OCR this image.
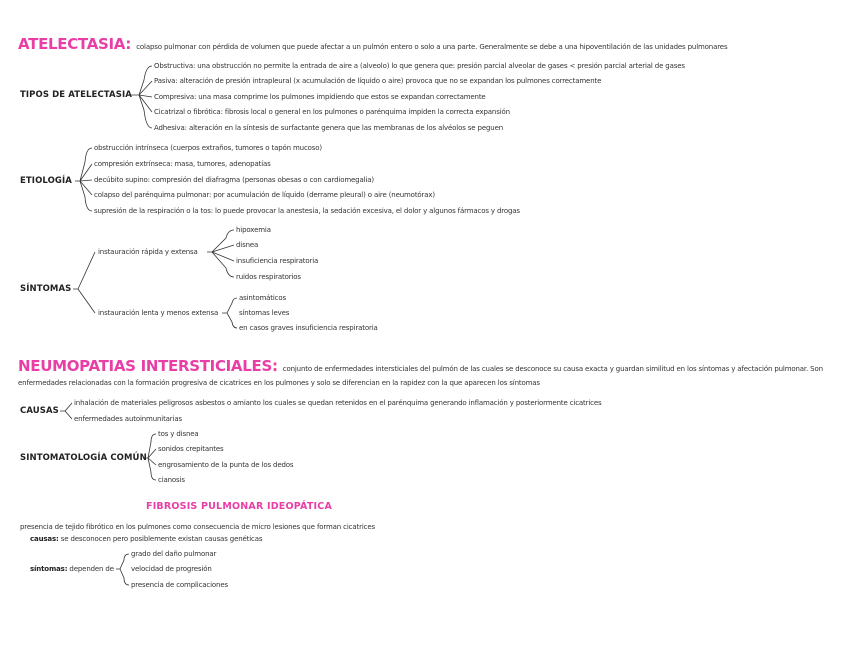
ATELECTASIA: colapso pulmonar con pérdida de volumen que puede afectar a un pulmón entero o solo a una parte. Generalmente se debe a una hipoventilación de las unidades pulmonares
TIPOS DE ATELECTASIA
Obstructiva: una obstrucción no permite la entrada de aire a (alveolo) lo que genera que: presión parcial alveolar de gases < presión parcial arterial de gases
Pasiva: alteración de presión intrapleural (x acumulación de líquido o aire) provoca que no se expandan los pulmones correctamente
Compresiva: una masa comprime los pulmones impidiendo que estos se expandan correctamente
Cicatrizal o fibrótica: fibrosis local o general en los pulmones o parénquima impiden la correcta expansión
Adhesiva: alteración en la síntesis de surfactante genera que las membranas de los alvéolos se peguen
ETIOLOGÍA
obstrucción intrínseca (cuerpos extraños, tumores o tapón mucoso)
compresión extrínseca: masa, tumores, adenopatías
decúbito supino: compresión del diafragma (personas obesas o con cardiomegalia)
colapso del parénquima pulmonar: por acumulación de líquido (derrame pleural) o aire (neumotórax)
supresión de la respiración o la tos: lo puede provocar la anestesia, la sedación excesiva, el dolor y algunos fármacos y drogas
SÍNTOMAS
instauración rápida y extensa
hipoxemia
disnea
insuficiencia respiratoria
ruidos respiratorios
instauración lenta y menos extensa
asintomáticos
síntomas leves
en casos graves insuficiencia respiratoria
NEUMOPATIAS INTERSTICIALES: conjunto de enfermedades intersticiales del pulmón de las cuales se desconoce su causa exacta y guardan similitud en los síntomas y afectación pulmonar. Son
enfermedades relacionadas con la formación progresiva de cicatrices en los pulmones y solo se diferencian en la rapidez con la que aparecen los síntomas
CAUSAS
inhalación de materiales peligrosos asbestos o amianto los cuales se quedan retenidos en el parénquima generando inflamación y posteriormente cicatrices
enfermedades autoinmunitarias
SINTOMATOLOGÍA COMÚN
tos y disnea
sonidos crepitantes
engrosamiento de la punta de los dedos
cianosis
FIBROSIS PULMONAR IDEOPÁTICA
presencia de tejido fibrótico en los pulmones como consecuencia de micro lesiones que forman cicatrices
causas: se desconocen pero posiblemente existan causas genéticas
síntomas: dependen de
grado del daño pulmonar
velocidad de progresión
presencia de complicaciones
